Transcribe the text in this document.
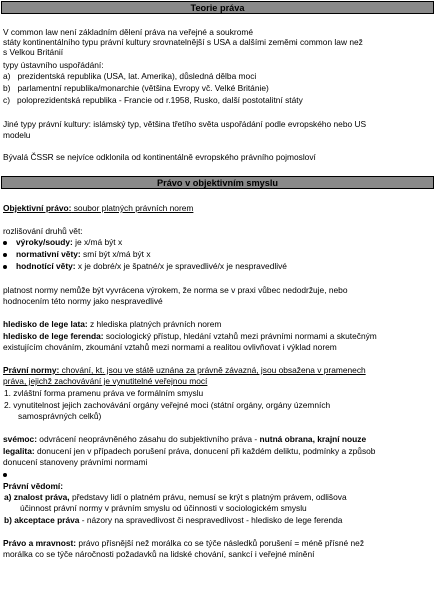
Teorie práva
V common law není základním dělení práva na veřejné a soukromé
státy kontinentálního typu právní kultury srovnatelnější s USA a dalšími zeměmi common law než
s Velkou Británií
typy ústavního uspořádání:
a) prezidentská republika (USA, lat. Amerika), důsledná dělba moci
b) parlamentní republika/monarchie (většina Evropy vč. Velké Británie)
c) poloprezidentská republika - Francie od r.1958, Rusko, další postotalitní státy
Jiné typy právní kultury: islámský typ, většina třetího světa uspořádání podle evropského nebo US
modelu
Bývalá ČSSR se nejvíce odklonila od kontinentálně evropského právního pojmosloví
Právo v objektivním smyslu
Objektivní právo: soubor platných právních norem
rozlišování druhů vět:
výroky/soudy: je x/má být x
normativní věty: smí být x/má být x
hodnotící věty: x je dobré/x je špatné/x je spravedlivé/x je nespravedlivé
platnost normy nemůže být vyvrácena výrokem, že norma se v praxi vůbec nedodržuje, nebo
hodnocením této normy jako nespravedlivé
hledisko de lege lata: z hlediska platných právních norem
hledisko de lege ferenda: sociologický přístup, hledání vztahů mezi právními normami a skutečným
existujícím chováním, zkoumání vztahů mezi normami a realitou ovlivňovat i výklad norem
Právní normy: chování, kt. jsou ve státě uznána za právně závazná, jsou obsažena v pramenech
práva, jejichž zachovávání je vynutitelné veřejnou mocí
1. zvláštní forma pramenu práva ve formálním smyslu
2. vynutitelnost jejich zachovávání orgány veřejné moci (státní orgány, orgány územních
samosprávných celků)
svémoc: odvrácení neoprávněného zásahu do subjektivního práva - nutná obrana, krajní nouze
legalita: donucení jen v případech porušení práva, donucení při každém deliktu, podmínky a způsob
donucení stanoveny právními normami
Právní vědomí:
a) znalost práva, představy lidí o platném právu, nemusí se krýt s platným právem, odlišova
účinnost právní normy v právním smyslu od účinnosti v sociologickém smyslu
b) akceptace práva - názory na spravedlivost či nespravedlivost - hledisko de lege ferenda
Právo a mravnost: právo přísnější než morálka co se týče následků porušení = méně přísné než
morálka co se týče náročnosti požadavků na lidské chování, sankcí i veřejné mínění
